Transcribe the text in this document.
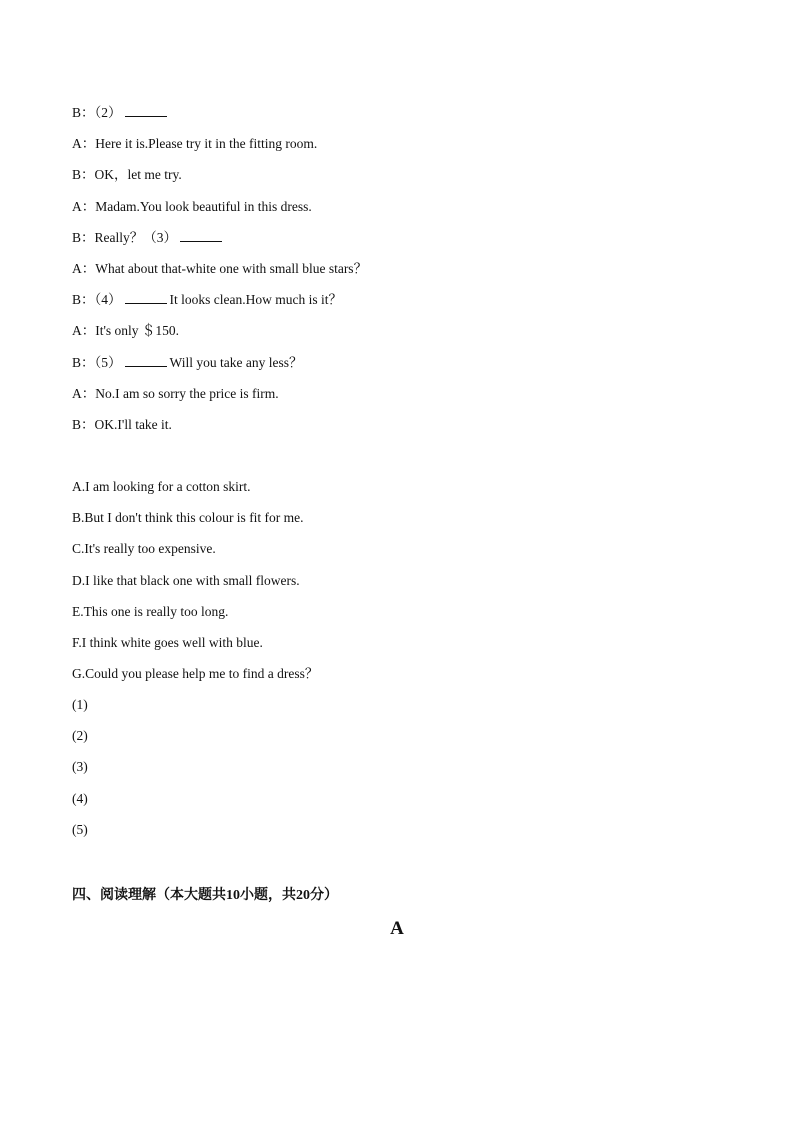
B：（2）
A：Here it is.Please try it in the fitting room.
B：OK，let me try.
A：Madam.You look beautiful in this dress.
B：Really？（3）
A：What about that-white one with small blue stars？
B：（4）	It looks clean.How much is it？
A：It's only ＄150.
B：（5）	Will you take any less？
A：No.I am so sorry the price is firm.
B：OK.I'll take it.
A.I am looking for a cotton skirt.
B.But I don't think this colour is fit for me.
C.It's really too expensive.
D.I like that black one with small flowers.
E.This one is really too long.
F.I think white goes well with blue.
G.Could you please help me to find a dress？
(1)
(2)
(3)
(4)
(5)
四、阅读理解（本大题共10小题，共20分）
A
